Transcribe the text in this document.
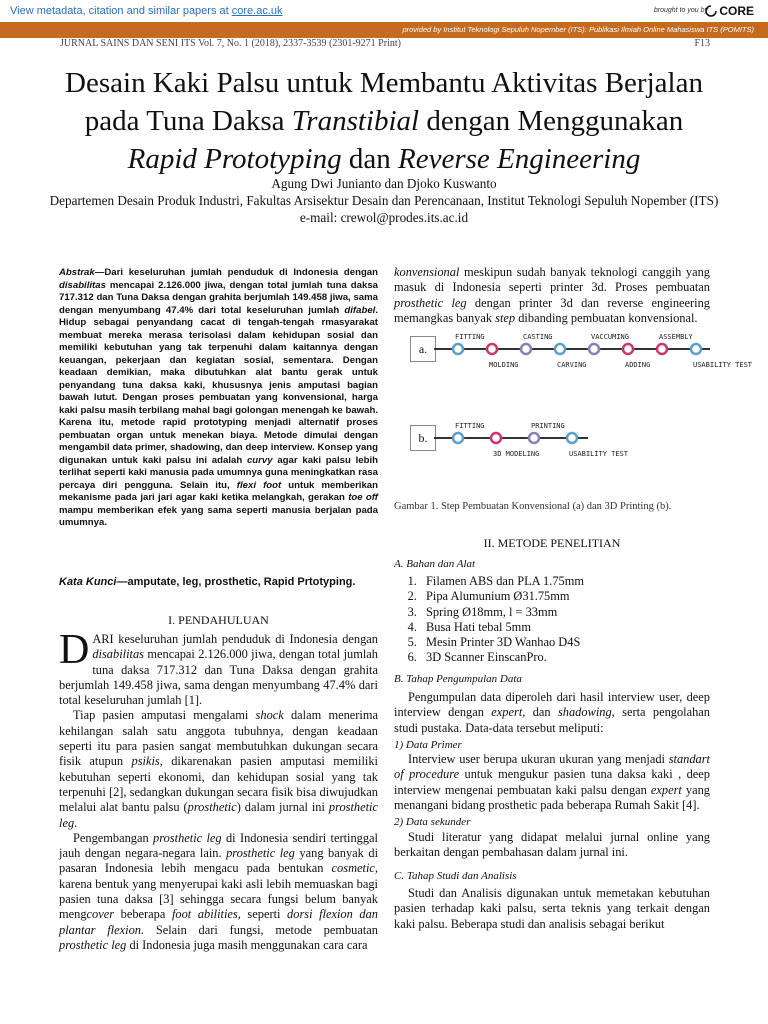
View metadata, citation and similar papers at core.ac.uk	brought to you by CORE
provided by Institut Teknologi Sepuluh Nopember (ITS): Publikasi Ilmiah Online Mahasiswa ITS (POMITS)
JURNAL SAINS DAN SENI ITS Vol. 7, No. 1 (2018), 2337-3539 (2301-9271 Print)	F13
Desain Kaki Palsu untuk Membantu Aktivitas Berjalan
pada Tuna Daksa Transtibial dengan Menggunakan
Rapid Prototyping dan Reverse Engineering
Agung Dwi Junianto dan Djoko Kuswanto
Departemen Desain Produk Industri, Fakultas Arsisektur Desain dan Perencanaan, Institut Teknologi Sepuluh Nopember (ITS)
e-mail: crewol@prodes.its.ac.id
Abstrak—Dari keseluruhan jumlah penduduk di Indonesia dengan disabilitas mencapai 2.126.000 jiwa, dengan total jumlah tuna daksa 717.312 dan Tuna Daksa dengan grahita berjumlah 149.458 jiwa, sama dengan menyumbang 47.4% dari total keseluruhan jumlah difabel. Hidup sebagai penyandang cacat di tengah-tengah rmasyarakat membuat mereka merasa terisolasi dalam kehidupan sosial dan memiliki kebutuhan yang tak terpenuhi dalam kaitannya dengan keuangan, pekerjaan dan kegiatan sosial, sementara. Dengan keadaan demikian, maka dibutuhkan alat bantu gerak untuk penyandang tuna daksa kaki, khususnya jenis amputasi bagian bawah lutut. Dengan proses pembuatan yang konvensional, harga kaki palsu masih terbilang mahal bagi golongan menengah ke bawah. Karena itu, metode rapid prototyping menjadi alternatif proses pembuatan organ untuk menekan biaya. Metode dimulai dengan mengambil data primer, shadowing, dan deep interview. Konsep yang digunakan untuk kaki palsu ini adalah curvy agar kaki palsu lebih terlihat seperti kaki manusia pada umumnya guna meningkatkan rasa percaya diri pengguna. Selain itu, flexi foot untuk memberikan mekanisme pada jari jari agar kaki ketika melangkah, gerakan toe off mampu memberikan efek yang sama seperti manusia berjalan pada umumnya.
Kata Kunci—amputate, leg, prosthetic, Rapid Prtotyping.
I. PENDAHULUAN

DARI keseluruhan jumlah penduduk di Indonesia dengan disabilitas mencapai 2.126.000 jiwa, dengan total jumlah tuna daksa 717.312 dan Tuna Daksa dengan grahita berjumlah 149.458 jiwa, sama dengan menyumbang 47.4% dari total keseluruhan jumlah [1].

Tiap pasien amputasi mengalami shock dalam menerima kehilangan salah satu anggota tubuhnya, dengan keadaan seperti itu para pasien sangat membutuhkan dukungan secara fisik atupun psikis, dikarenakan pasien amputasi memiliki kebutuhan seperti ekonomi, dan kehidupan sosial yang tak terpenuhi [2], sedangkan dukungan secara fisik bisa diwujudkan melalui alat bantu palsu (prosthetic) dalam jurnal ini prosthetic leg.

Pengembangan prosthetic leg di Indonesia sendiri tertinggal jauh dengan negara-negara lain. prosthetic leg yang banyak di pasaran Indonesia lebih mengacu pada bentukan cosmetic, karena bentuk yang menyerupai kaki asli lebih memuaskan bagi pasien tuna daksa [3] sehingga secara fungsi belum banyak mengcover beberapa foot abilities, seperti dorsi flexion dan plantar flexion. Selain dari fungsi, metode pembuatan prosthetic leg di Indonesia juga masih menggunakan cara cara

konvensional meskipun sudah banyak teknologi canggih yang masuk di Indonesia seperti printer 3d. Proses pembuatan prosthetic leg dengan printer 3d dan reverse engineering memangkas banyak step dibanding pembuatan konvensional.
a.
FITTING
MOLDING
CASTING
CARVING
VACCUMING
ADDING
ASSEMBLY
USABILITY TEST
b.
FITTING
3D MODELING
PRINTING
USABILITY TEST
Gambar 1. Step Pembuatan Konvensional (a) dan 3D Printing (b).
II. METODE PENELITIAN
A. Bahan dan Alat
1. Filamen ABS dan PLA 1.75mm
2. Pipa Alumunium Ø31.75mm
3. Spring Ø18mm, l = 33mm
4. Busa Hati tebal 5mm
5. Mesin Printer 3D Wanhao D4S
6. 3D Scanner EinscanPro.
B. Tahap Pengumpulan Data

Pengumpulan data diperoleh dari hasil interview user, deep interview dengan expert, dan shadowing, serta pengolahan studi pustaka. Data-data tersebut meliputi:

1) Data Primer

Interview user berupa ukuran ukuran yang menjadi standart of procedure untuk mengukur pasien tuna daksa kaki , deep interview mengenai pembuatan kaki palsu dengan expert yang menangani bidang prosthetic pada beberapa Rumah Sakit [4].

2) Data sekunder

Studi literatur yang didapat melalui jurnal online yang berkaitan dengan pembahasan dalam jurnal ini.

C. Tahap Studi dan Analisis

Studi dan Analisis digunakan untuk memetakan kebutuhan pasien terhadap kaki palsu, serta teknis yang terkait dengan kaki palsu. Beberapa studi dan analisis sebagai berikut
